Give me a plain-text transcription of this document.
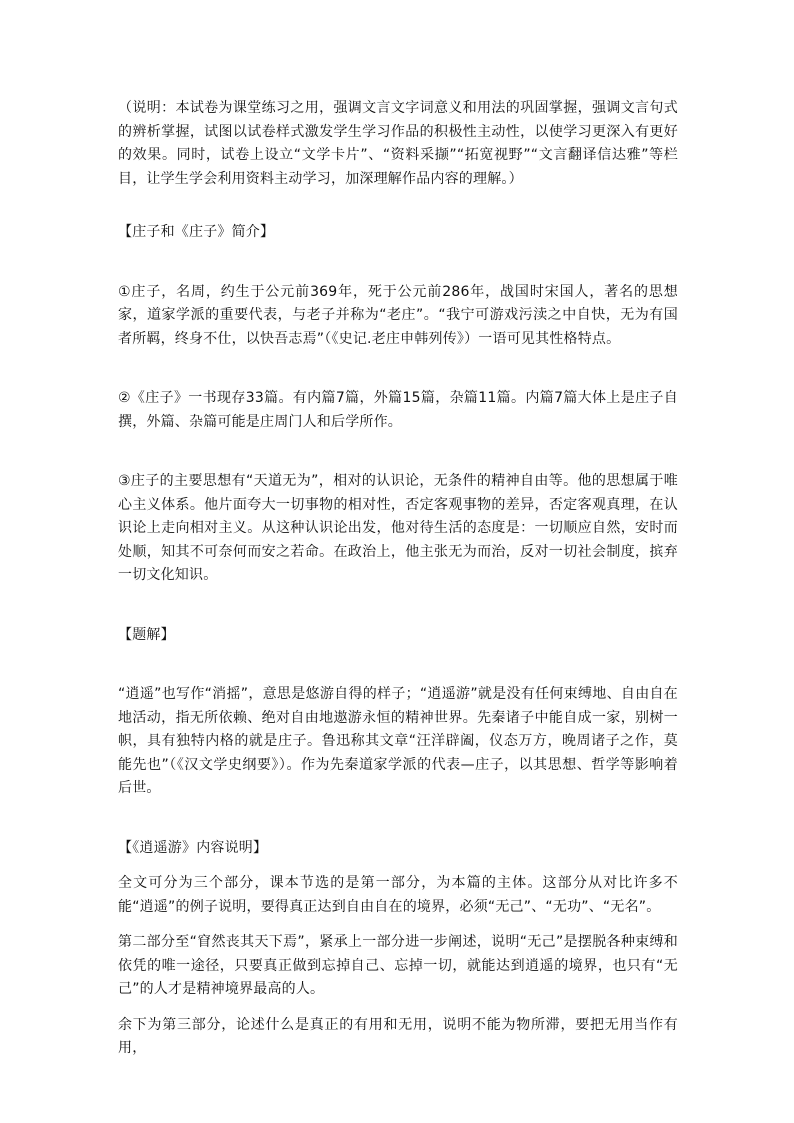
（说明：本试卷为课堂练习之用，强调文言文字词意义和用法的巩固掌握，强调文言句式的辨析掌握，试图以试卷样式激发学生学习作品的积极性主动性，以使学习更深入有更好的效果。同时，试卷上设立“文学卡片”、“资料采撷”“拓宽视野”“文言翻译信达雅”等栏目，让学生学会利用资料主动学习，加深理解作品内容的理解。）

【庄子和《庄子》简介】

①庄子，名周，约生于公元前369年，死于公元前286年，战国时宋国人，著名的思想家，道家学派的重要代表，与老子并称为“老庄”。“我宁可游戏污渎之中自快，无为有国者所羁，终身不仕，以快吾志焉”（《史记.老庄申韩列传》）一语可见其性格特点。

②《庄子》一书现存33篇。有内篇7篇，外篇15篇，杂篇11篇。内篇7篇大体上是庄子自撰，外篇、杂篇可能是庄周门人和后学所作。

③庄子的主要思想有“天道无为”，相对的认识论，无条件的精神自由等。他的思想属于唯心主义体系。他片面夸大一切事物的相对性，否定客观事物的差异，否定客观真理，在认识论上走向相对主义。从这种认识论出发，他对待生活的态度是：一切顺应自然，安时而处顺，知其不可奈何而安之若命。在政治上，他主张无为而治，反对一切社会制度，摈弃一切文化知识。

【题解】

“逍遥”也写作“消摇”，意思是悠游自得的样子；“逍遥游”就是没有任何束缚地、自由自在地活动，指无所依赖、绝对自由地遨游永恒的精神世界。先秦诸子中能自成一家，别树一帜，具有独特内格的就是庄子。鲁迅称其文章“汪洋辟阖，仪态万方，晚周诸子之作，莫能先也”（《汉文学史纲要》）。作为先秦道家学派的代表—庄子，以其思想、哲学等影响着后世。

【《逍遥游》内容说明】

全文可分为三个部分，课本节选的是第一部分，为本篇的主体。这部分从对比许多不能“逍遥”的例子说明，要得真正达到自由自在的境界，必须“无己”、“无功”、“无名”。

第二部分至“窅然丧其天下焉”，紧承上一部分进一步阐述，说明“无己”是摆脱各种束缚和依凭的唯一途径，只要真正做到忘掉自己、忘掉一切，就能达到逍遥的境界，也只有“无己”的人才是精神境界最高的人。

余下为第三部分，论述什么是真正的有用和无用，说明不能为物所滞，要把无用当作有用，
